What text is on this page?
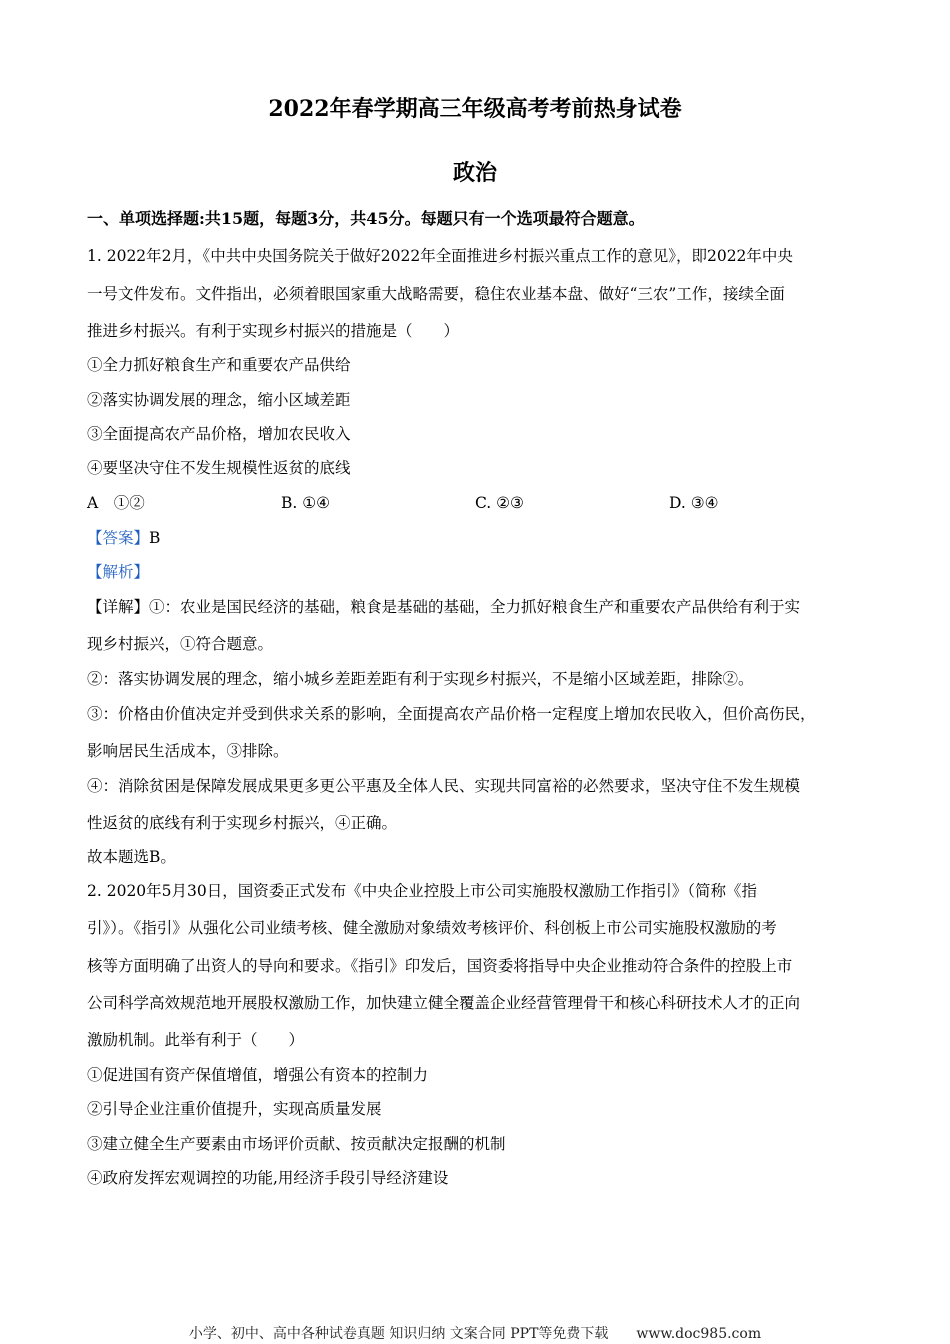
2022年春学期高三年级高考考前热身试卷
政治
一、单项选择题:共15题，每题3分，共45分。每题只有一个选项最符合题意。
1. 2022年2月，《中共中央国务院关于做好2022年全面推进乡村振兴重点工作的意见》，即2022年中央
一号文件发布。文件指出，必须着眼国家重大战略需要，稳住农业基本盘、做好“三农”工作，接续全面
推进乡村振兴。有利于实现乡村振兴的措施是（　　）
①全力抓好粮食生产和重要农产品供给
②落实协调发展的理念，缩小区域差距
③全面提高农产品价格，增加农民收入
④要坚决守住不发生规模性返贫的底线
A　①②	B. ①④	C. ②③	D. ③④
【答案】B
【解析】
【详解】①：农业是国民经济的基础，粮食是基础的基础，全力抓好粮食生产和重要农产品供给有利于实
现乡村振兴，①符合题意。
②：落实协调发展的理念，缩小城乡差距差距有利于实现乡村振兴，不是缩小区域差距，排除②。
③：价格由价值决定并受到供求关系的影响，全面提高农产品价格一定程度上增加农民收入，但价高伤民，
影响居民生活成本，③排除。
④：消除贫困是保障发展成果更多更公平惠及全体人民、实现共同富裕的必然要求，坚决守住不发生规模
性返贫的底线有利于实现乡村振兴，④正确。
故本题选B。
2. 2020年5月30日，国资委正式发布《中央企业控股上市公司实施股权激励工作指引》（简称《指
引》）。《指引》从强化公司业绩考核、健全激励对象绩效考核评价、科创板上市公司实施股权激励的考
核等方面明确了出资人的导向和要求。《指引》印发后，国资委将指导中央企业推动符合条件的控股上市
公司科学高效规范地开展股权激励工作，加快建立健全覆盖企业经营管理骨干和核心科研技术人才的正向
激励机制。此举有利于（　　）
①促进国有资产保值增值，增强公有资本的控制力
②引导企业注重价值提升，实现高质量发展
③建立健全生产要素由市场评价贡献、按贡献决定报酬的机制
④政府发挥宏观调控的功能,用经济手段引导经济建设
小学、初中、高中各种试卷真题 知识归纳 文案合同 PPT等免费下载　　www.doc985.com
